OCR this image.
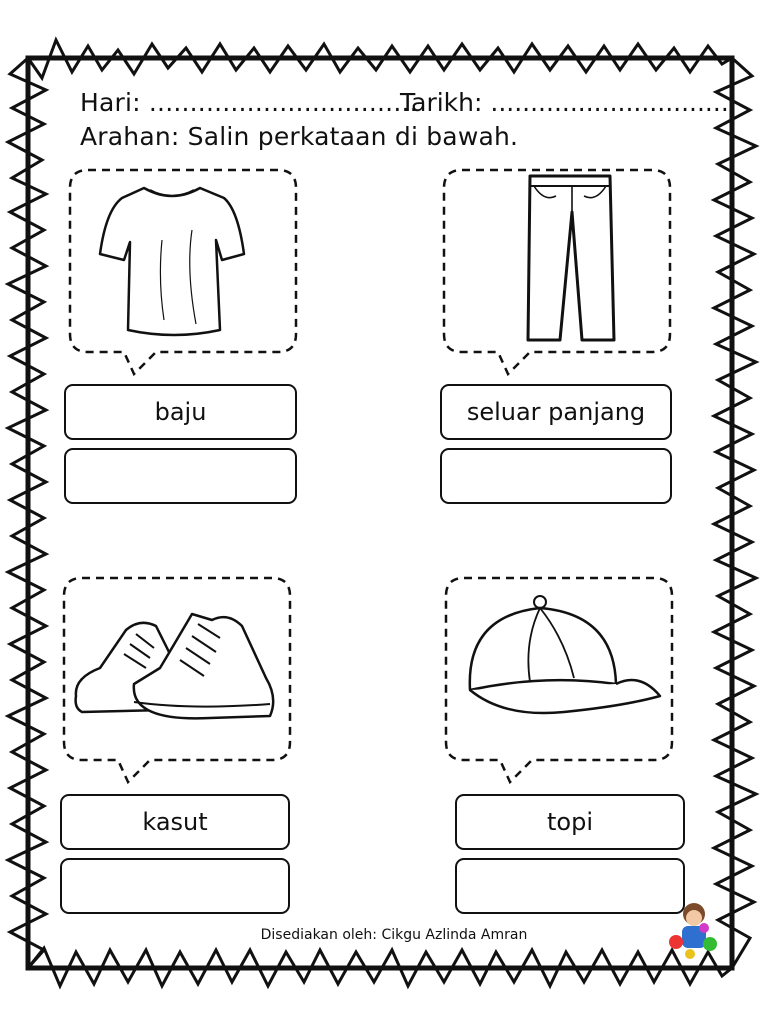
Hari: .................................
Tarikh: ..............................
Arahan: Salin perkataan di bawah.
baju	seluar panjang
kasut	topi
Disediakan oleh: Cikgu Azlinda Amran
